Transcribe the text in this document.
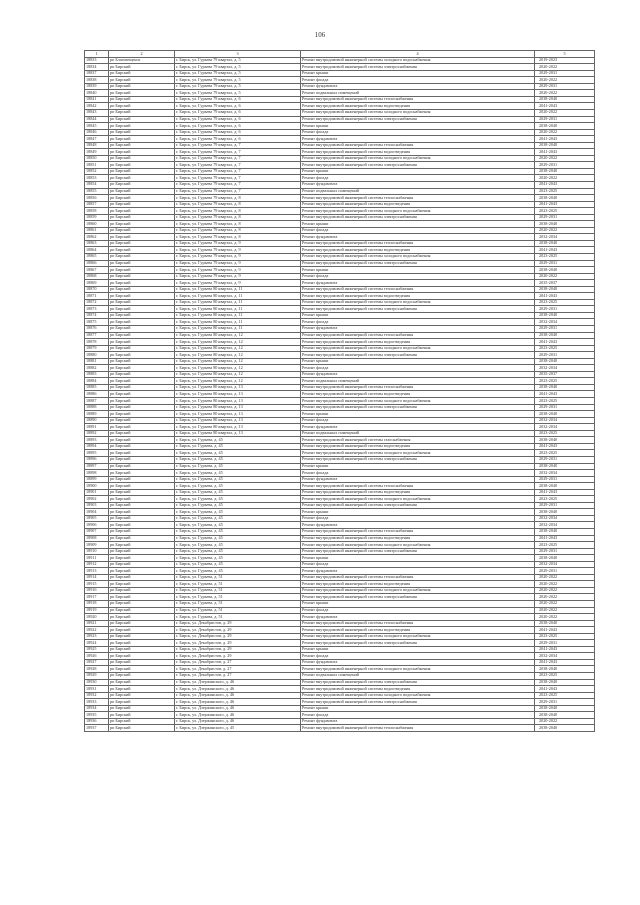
106
1	2	3	4	5
18833	рп Благовещенск	г. Бирск, ул. Гурьева 79 квартал, д. 5	Ремонт внутридомовой инженерной системы холодного водоснабжения	2019-2023
18834	рп Бирский	г. Бирск, ул. Гурьева 79 квартал, д. 5	Ремонт внутридомовой инженерной системы электроснабжения	2020-2022
18837	рп Бирский	г. Бирск, ул. Гурьева 79 квартал, д. 5	Ремонт крыши	2029-2031
18838	рп Бирский	г. Бирск, ул. Гурьева 79 квартал, д. 5	Ремонт фасада	2020-2022
18839	рп Бирский	г. Бирск, ул. Гурьева 79 квартал, д. 5	Ремонт фундамента	2029-2031
18840	рп Бирский	г. Бирск, ул. Гурьева 79 квартал, д. 5	Ремонт подвальных помещений	2020-2022
18841	рп Бирский	г. Бирск, ул. Гурьева 79 квартал, д. 6	Ремонт внутридомовой инженерной системы теплоснабжения	2038-2040
18842	рп Бирский	г. Бирск, ул. Гурьева 79 квартал, д. 6	Ремонт внутридомовой инженерной системы водоотведения	2041-2043
18843	рп Бирский	г. Бирск, ул. Гурьева 79 квартал, д. 6	Ремонт внутридомовой инженерной системы холодного водоснабжения	2020-2022
18844	рп Бирский	г. Бирск, ул. Гурьева 79 квартал, д. 6	Ремонт внутридомовой инженерной системы электроснабжения	2029-2031
18845	рп Бирский	г. Бирск, ул. Гурьева 79 квартал, д. 6	Ремонт крыши	2038-2040
18846	рп Бирский	г. Бирск, ул. Гурьева 79 квартал, д. 6	Ремонт фасада	2020-2022
18847	рп Бирский	г. Бирск, ул. Гурьева 79 квартал, д. 6	Ремонт фундамента	2041-2043
18848	рп Бирский	г. Бирск, ул. Гурьева 79 квартал, д. 7	Ремонт внутридомовой инженерной системы теплоснабжения	2038-2040
18849	рп Бирский	г. Бирск, ул. Гурьева 79 квартал, д. 7	Ремонт внутридомовой инженерной системы водоотведения	2041-2043
18850	рп Бирский	г. Бирск, ул. Гурьева 79 квартал, д. 7	Ремонт внутридомовой инженерной системы холодного водоснабжения	2020-2022
18851	рп Бирский	г. Бирск, ул. Гурьева 79 квартал, д. 7	Ремонт внутридомовой инженерной системы электроснабжения	2029-2031
18852	рп Бирский	г. Бирск, ул. Гурьева 79 квартал, д. 7	Ремонт крыши	2038-2040
18853	рп Бирский	г. Бирск, ул. Гурьева 79 квартал, д. 7	Ремонт фасада	2020-2022
18854	рп Бирский	г. Бирск, ул. Гурьева 79 квартал, д. 7	Ремонт фундамента	2041-2043
18855	рп Бирский	г. Бирск, ул. Гурьева 79 квартал, д. 7	Ремонт подвальных помещений	2023-2025
18856	рп Бирский	г. Бирск, ул. Гурьева 79 квартал, д. 8	Ремонт внутридомовой инженерной системы теплоснабжения	2038-2040
18857	рп Бирский	г. Бирск, ул. Гурьева 79 квартал, д. 8	Ремонт внутридомовой инженерной системы водоотведения	2041-2043
18858	рп Бирский	г. Бирск, ул. Гурьева 79 квартал, д. 8	Ремонт внутридомовой инженерной системы холодного водоснабжения	2023-2025
18859	рп Бирский	г. Бирск, ул. Гурьева 79 квартал, д. 8	Ремонт внутридомовой инженерной системы электроснабжения	2029-2031
18860	рп Бирский	г. Бирск, ул. Гурьева 79 квартал, д. 8	Ремонт крыши	2038-2040
18861	рп Бирский	г. Бирск, ул. Гурьева 79 квартал, д. 8	Ремонт фасада	2020-2022
18862	рп Бирский	г. Бирск, ул. Гурьева 79 квартал, д. 8	Ремонт фундамента	2032-2034
18863	рп Бирский	г. Бирск, ул. Гурьева 79 квартал, д. 9	Ремонт внутридомовой инженерной системы теплоснабжения	2038-2040
18864	рп Бирский	г. Бирск, ул. Гурьева 79 квартал, д. 9	Ремонт внутридомовой инженерной системы водоотведения	2041-2043
18865	рп Бирский	г. Бирск, ул. Гурьева 79 квартал, д. 9	Ремонт внутридомовой инженерной системы холодного водоснабжения	2023-2025
18866	рп Бирский	г. Бирск, ул. Гурьева 79 квартал, д. 9	Ремонт внутридомовой инженерной системы электроснабжения	2029-2031
18867	рп Бирский	г. Бирск, ул. Гурьева 79 квартал, д. 9	Ремонт крыши	2038-2040
18868	рп Бирский	г. Бирск, ул. Гурьева 79 квартал, д. 9	Ремонт фасада	2020-2022
18869	рп Бирский	г. Бирск, ул. Гурьева 79 квартал, д. 9	Ремонт фундамента	2035-2037
18870	рп Бирский	г. Бирск, ул. Гурьева 80 квартал, д. 11	Ремонт внутридомовой инженерной системы теплоснабжения	2038-2040
18871	рп Бирский	г. Бирск, ул. Гурьева 80 квартал, д. 11	Ремонт внутридомовой инженерной системы водоотведения	2041-2043
18872	рп Бирский	г. Бирск, ул. Гурьева 80 квартал, д. 11	Ремонт внутридомовой инженерной системы холодного водоснабжения	2023-2025
18873	рп Бирский	г. Бирск, ул. Гурьева 80 квартал, д. 11	Ремонт внутридомовой инженерной системы электроснабжения	2029-2031
18874	рп Бирский	г. Бирск, ул. Гурьева 80 квартал, д. 11	Ремонт крыши	2038-2040
18875	рп Бирский	г. Бирск, ул. Гурьева 80 квартал, д. 11	Ремонт фасада	2032-2034
18876	рп Бирский	г. Бирск, ул. Гурьева 80 квартал, д. 11	Ремонт фундамента	2029-2031
18877	рп Бирский	г. Бирск, ул. Гурьева 80 квартал, д. 12	Ремонт внутридомовой инженерной системы теплоснабжения	2038-2040
18878	рп Бирский	г. Бирск, ул. Гурьева 80 квартал, д. 12	Ремонт внутридомовой инженерной системы водоотведения	2041-2043
18879	рп Бирский	г. Бирск, ул. Гурьева 80 квартал, д. 12	Ремонт внутридомовой инженерной системы холодного водоснабжения	2023-2025
18880	рп Бирский	г. Бирск, ул. Гурьева 80 квартал, д. 12	Ремонт внутридомовой инженерной системы электроснабжения	2029-2031
18881	рп Бирский	г. Бирск, ул. Гурьева 80 квартал, д. 12	Ремонт крыши	2038-2040
18882	рп Бирский	г. Бирск, ул. Гурьева 80 квартал, д. 12	Ремонт фасада	2032-2034
18883	рп Бирский	г. Бирск, ул. Гурьева 80 квартал, д. 12	Ремонт фундамента	2035-2037
18884	рп Бирский	г. Бирск, ул. Гурьева 80 квартал, д. 12	Ремонт подвальных помещений	2023-2025
18885	рп Бирский	г. Бирск, ул. Гурьева 80 квартал, д. 13	Ремонт внутридомовой инженерной системы теплоснабжения	2038-2040
18886	рп Бирский	г. Бирск, ул. Гурьева 80 квартал, д. 13	Ремонт внутридомовой инженерной системы водоотведения	2041-2043
18887	рп Бирский	г. Бирск, ул. Гурьева 80 квартал, д. 13	Ремонт внутридомовой инженерной системы холодного водоснабжения	2023-2025
18888	рп Бирский	г. Бирск, ул. Гурьева 80 квартал, д. 13	Ремонт внутридомовой инженерной системы электроснабжения	2029-2031
18889	рп Бирский	г. Бирск, ул. Гурьева 80 квартал, д. 13	Ремонт крыши	2038-2040
18890	рп Бирский	г. Бирск, ул. Гурьева 80 квартал, д. 13	Ремонт фасада	2032-2034
18891	рп Бирский	г. Бирск, ул. Гурьева 80 квартал, д. 13	Ремонт фундамента	2032-2034
18892	рп Бирский	г. Бирск, ул. Гурьева 80 квартал, д. 13	Ремонт подвальных помещений	2023-2025
18893	рп Бирский	г. Бирск, ул. Гурьева, д. 45	Ремонт внутридомовой инженерной системы газоснабжения	2038-2040
18894	рп Бирский	г. Бирск, ул. Гурьева, д. 45	Ремонт внутридомовой инженерной системы водоотведения	2041-2043
18895	рп Бирский	г. Бирск, ул. Гурьева, д. 45	Ремонт внутридомовой инженерной системы холодного водоснабжения	2023-2025
18896	рп Бирский	г. Бирск, ул. Гурьева, д. 45	Ремонт внутридомовой инженерной системы электроснабжения	2029-2031
18897	рп Бирский	г. Бирск, ул. Гурьева, д. 45	Ремонт крыши	2038-2040
18898	рп Бирский	г. Бирск, ул. Гурьева, д. 45	Ремонт фасада	2032-2034
18899	рп Бирский	г. Бирск, ул. Гурьева, д. 45	Ремонт фундамента	2029-2031
18900	рп Бирский	г. Бирск, ул. Гурьева, д. 45	Ремонт внутридомовой инженерной системы теплоснабжения	2038-2040
18901	рп Бирский	г. Бирск, ул. Гурьева, д. 45	Ремонт внутридомовой инженерной системы водоотведения	2041-2043
18902	рп Бирский	г. Бирск, ул. Гурьева, д. 45	Ремонт внутридомовой инженерной системы холодного водоснабжения	2023-2025
18903	рп Бирский	г. Бирск, ул. Гурьева, д. 45	Ремонт внутридомовой инженерной системы электроснабжения	2029-2031
18904	рп Бирский	г. Бирск, ул. Гурьева, д. 45	Ремонт крыши	2038-2040
18905	рп Бирский	г. Бирск, ул. Гурьева, д. 45	Ремонт фасада	2032-2034
18906	рп Бирский	г. Бирск, ул. Гурьева, д. 45	Ремонт фундамента	2032-2034
18907	рп Бирский	г. Бирск, ул. Гурьева, д. 45	Ремонт внутридомовой инженерной системы теплоснабжения	2038-2040
18908	рп Бирский	г. Бирск, ул. Гурьева, д. 45	Ремонт внутридомовой инженерной системы водоотведения	2041-2043
18909	рп Бирский	г. Бирск, ул. Гурьева, д. 45	Ремонт внутридомовой инженерной системы холодного водоснабжения	2023-2025
18910	рп Бирский	г. Бирск, ул. Гурьева, д. 45	Ремонт внутридомовой инженерной системы электроснабжения	2029-2031
18911	рп Бирский	г. Бирск, ул. Гурьева, д. 45	Ремонт крыши	2038-2040
18912	рп Бирский	г. Бирск, ул. Гурьева, д. 45	Ремонт фасада	2032-2034
18913	рп Бирский	г. Бирск, ул. Гурьева, д. 45	Ремонт фундамента	2029-2031
18914	рп Бирский	г. Бирск, ул. Гурьева, д. 51	Ремонт внутридомовой инженерной системы теплоснабжения	2020-2022
18915	рп Бирский	г. Бирск, ул. Гурьева, д. 51	Ремонт внутридомовой инженерной системы водоотведения	2020-2022
18916	рп Бирский	г. Бирск, ул. Гурьева, д. 51	Ремонт внутридомовой инженерной системы холодного водоснабжения	2020-2022
18917	рп Бирский	г. Бирск, ул. Гурьева, д. 51	Ремонт внутридомовой инженерной системы электроснабжения	2020-2022
18918	рп Бирский	г. Бирск, ул. Гурьева, д. 51	Ремонт крыши	2020-2022
18919	рп Бирский	г. Бирск, ул. Гурьева, д. 51	Ремонт фасада	2020-2022
18920	рп Бирский	г. Бирск, ул. Гурьева, д. 51	Ремонт фундамента	2020-2022
18921	рп Бирский	г. Бирск, ул. Декабристов, д. 29	Ремонт внутридомовой инженерной системы теплоснабжения	2038-2040
18922	рп Бирский	г. Бирск, ул. Декабристов, д. 29	Ремонт внутридомовой инженерной системы водоотведения	2041-2043
18923	рп Бирский	г. Бирск, ул. Декабристов, д. 29	Ремонт внутридомовой инженерной системы холодного водоснабжения	2023-2025
18924	рп Бирский	г. Бирск, ул. Декабристов, д. 29	Ремонт внутридомовой инженерной системы электроснабжения	2029-2031
18925	рп Бирский	г. Бирск, ул. Декабристов, д. 29	Ремонт крыши	2041-2043
18926	рп Бирский	г. Бирск, ул. Декабристов, д. 29	Ремонт фасада	2032-2034
18927	рп Бирский	г. Бирск, ул. Декабристов, д. 27	Ремонт фундамента	2041-2043
18928	рп Бирский	г. Бирск, ул. Декабристов, д. 27	Ремонт внутридомовой инженерной системы холодного водоснабжения	2038-2040
18929	рп Бирский	г. Бирск, ул. Декабристов, д. 27	Ремонт подвальных помещений	2023-2025
18930	рп Бирский	г. Бирск, ул. Дзержинского, д. 46	Ремонт внутридомовой инженерной системы электроснабжения	2038-2040
18931	рп Бирский	г. Бирск, ул. Дзержинского, д. 46	Ремонт внутридомовой инженерной системы водоотведения	2041-2043
18932	рп Бирский	г. Бирск, ул. Дзержинского, д. 46	Ремонт внутридомовой инженерной системы холодного водоснабжения	2023-2025
18933	рп Бирский	г. Бирск, ул. Дзержинского, д. 46	Ремонт внутридомовой инженерной системы электроснабжения	2029-2031
18934	рп Бирский	г. Бирск, ул. Дзержинского, д. 46	Ремонт крыши	2038-2040
18935	рп Бирский	г. Бирск, ул. Дзержинского, д. 46	Ремонт фасада	2038-2040
18936	рп Бирский	г. Бирск, ул. Дзержинского, д. 46	Ремонт фундамента	2020-2022
18937	рп Бирский	г. Бирск, ул. Дзержинского, д. 45	Ремонт внутридомовой инженерной системы теплоснабжения	2038-2040
